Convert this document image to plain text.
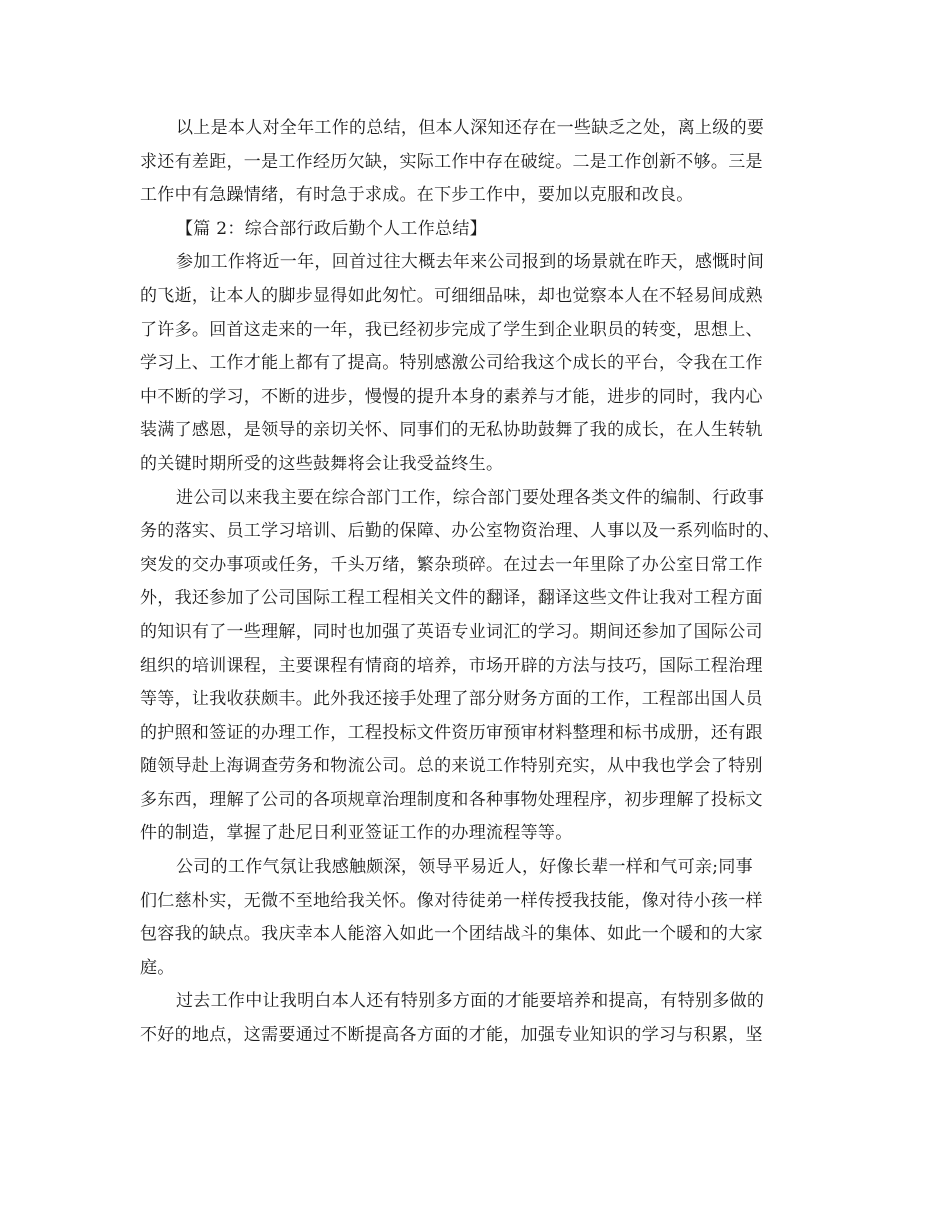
以上是本人对全年工作的总结，但本人深知还存在一些缺乏之处，离上级的要
求还有差距，一是工作经历欠缺，实际工作中存在破绽。二是工作创新不够。三是
工作中有急躁情绪，有时急于求成。在下步工作中，要加以克服和改良。
【篇 2：综合部行政后勤个人工作总结】
参加工作将近一年，回首过往大概去年来公司报到的场景就在昨天，感慨时间
的飞逝，让本人的脚步显得如此匆忙。可细细品味，却也觉察本人在不轻易间成熟
了许多。回首这走来的一年，我已经初步完成了学生到企业职员的转变，思想上、
学习上、工作才能上都有了提高。特别感激公司给我这个成长的平台，令我在工作
中不断的学习，不断的进步，慢慢的提升本身的素养与才能，进步的同时，我内心
装满了感恩，是领导的亲切关怀、同事们的无私协助鼓舞了我的成长，在人生转轨
的关键时期所受的这些鼓舞将会让我受益终生。
进公司以来我主要在综合部门工作，综合部门要处理各类文件的编制、行政事
务的落实、员工学习培训、后勤的保障、办公室物资治理、人事以及一系列临时的、
突发的交办事项或任务，千头万绪，繁杂琐碎。在过去一年里除了办公室日常工作
外，我还参加了公司国际工程工程相关文件的翻译，翻译这些文件让我对工程方面
的知识有了一些理解，同时也加强了英语专业词汇的学习。期间还参加了国际公司
组织的培训课程，主要课程有情商的培养，市场开辟的方法与技巧，国际工程治理
等等，让我收获颇丰。此外我还接手处理了部分财务方面的工作，工程部出国人员
的护照和签证的办理工作，工程投标文件资历审预审材料整理和标书成册，还有跟
随领导赴上海调查劳务和物流公司。总的来说工作特别充实，从中我也学会了特别
多东西，理解了公司的各项规章治理制度和各种事物处理程序，初步理解了投标文
件的制造，掌握了赴尼日利亚签证工作的办理流程等等。
公司的工作气氛让我感触颇深，领导平易近人，好像长辈一样和气可亲;同事
们仁慈朴实，无微不至地给我关怀。像对待徒弟一样传授我技能，像对待小孩一样
包容我的缺点。我庆幸本人能溶入如此一个团结战斗的集体、如此一个暖和的大家
庭。
过去工作中让我明白本人还有特别多方面的才能要培养和提高，有特别多做的
不好的地点，这需要通过不断提高各方面的才能，加强专业知识的学习与积累，坚
